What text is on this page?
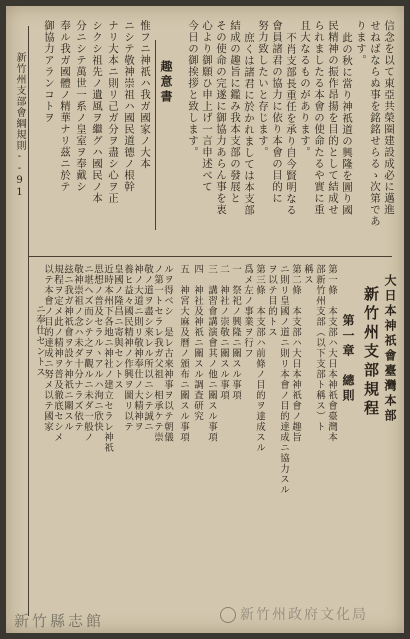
新竹州支部會綱規則--91	信念を以て東亞共榮圈建設成必に邁進
せねばならぬ事を銘銘せらるゝ次第であ
ります。
此の秋に當り神祇道の興隆を圖り國
民精神の振作昂揚を目的として結成せ
られましたる本會の使命たるや實に重
且大なるものがあります。
不肖支部長重任を承り自今賢明なる
會員諸君の協力に依り本會の目的に
努力致したいと存じます。
庶くは諸君に於かれましては本支部
結成の趣旨に鑑み我本支部の發展と
その使命の完遂に御協力あらん事を衷
心より御願ひ申上げ一言申述べて
今日の御挨拶と致します。
趣意書
惟フニ神祇ハ我ガ國家ノ大本
ニシテ敬神崇祖ハ國民道德ノ根幹
ナリ大本ニ則リ己ガ分ヲ盡シ心ヲ正
シクシ祖先ノ遺風ヲ繼グハ國民ノ本
分ニシテ萬世一系ノ皇室ヲ奉戴シ
奉ル我ガ國體ノ精華ナリ茲ニ於テ
御協力アランコトヲ
大日本神祇會臺灣本部
新竹州支部規程
第一章　總則
第一條　本支部ハ大日本神祇會臺灣本
部新竹州支部（以下支部ト稱ス）ト
稱ス
第二條　本支部ハ大日本神祇會ノ趣旨
ニ則リ皇國ノ道ニ則リ本會ノ目的達成ニ協力スル
ヲ以テ目的トス
第三條　本支部ハ前條ノ目的ヲ達成スル
爲メ左ノ事業ヲ行フ
一　祭祀ノ興隆ニ關スル事項
二　神社ノ崇敬ニ關スル事項
三　講習會講演會其ノ他ニ關スル事項
四　神社及神祇ニ關スル調査研究
五　神宮大麻及曆ノ頒布ニ關スル事項
ルヲ得ベシ　是レ古來神事ヲ以テ朝儀
ノ第一トセラレ我ガ父祖　相承ケテ崇
敬ノ道ヲ盡シ來レル所以ニシテ誠ニ
神ノ大道ニ則リ敬神奉仕ノ大精神ヲ
養ヒ益々國民精神ノ作興ヲ圖リ以テ
皇國ノ隆昌ニ寄與セントス
近時本州下各地ニ神社ノ建立セラレ神祇
思想ノ普及セラルヽアルハ洵ニ欣快
ニ堪ヘズ而シテ之ヲ觀ルニ未ダ一般ノ
敬神崇祖ノ念ハ未ダ十分ナラズ依テ
玆ニ我ガ神祇會ヲ設ケ神祇ニ關スル
規程ヲ定メ此ノ精神ヲ普及徹底セシメ
以テ本會ノ目的達成ニ努メ以テ國家
ニ奉仕セントス
新竹州政府文化局
新竹縣志館
